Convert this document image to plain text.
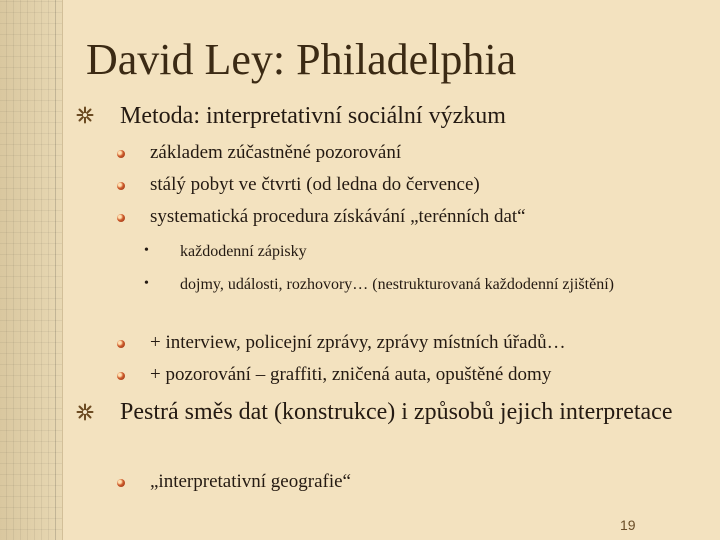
David Ley: Philadelphia
Metoda: interpretativní sociální výzkum
základem zúčastněné pozorování
stálý pobyt ve čtvrti (od ledna do července)
systematická procedura získávání „terénních dat“
• každodenní zápisky
• dojmy, události, rozhovory… (nestrukturovaná každodenní zjištění)
+ interview, policejní zprávy, zprávy místních úřadů…
+ pozorování – graffiti, zničená auta, opuštěné domy
Pestrá směs dat (konstrukce) i způsobů jejich interpretace
„interpretativní geografie“
19
